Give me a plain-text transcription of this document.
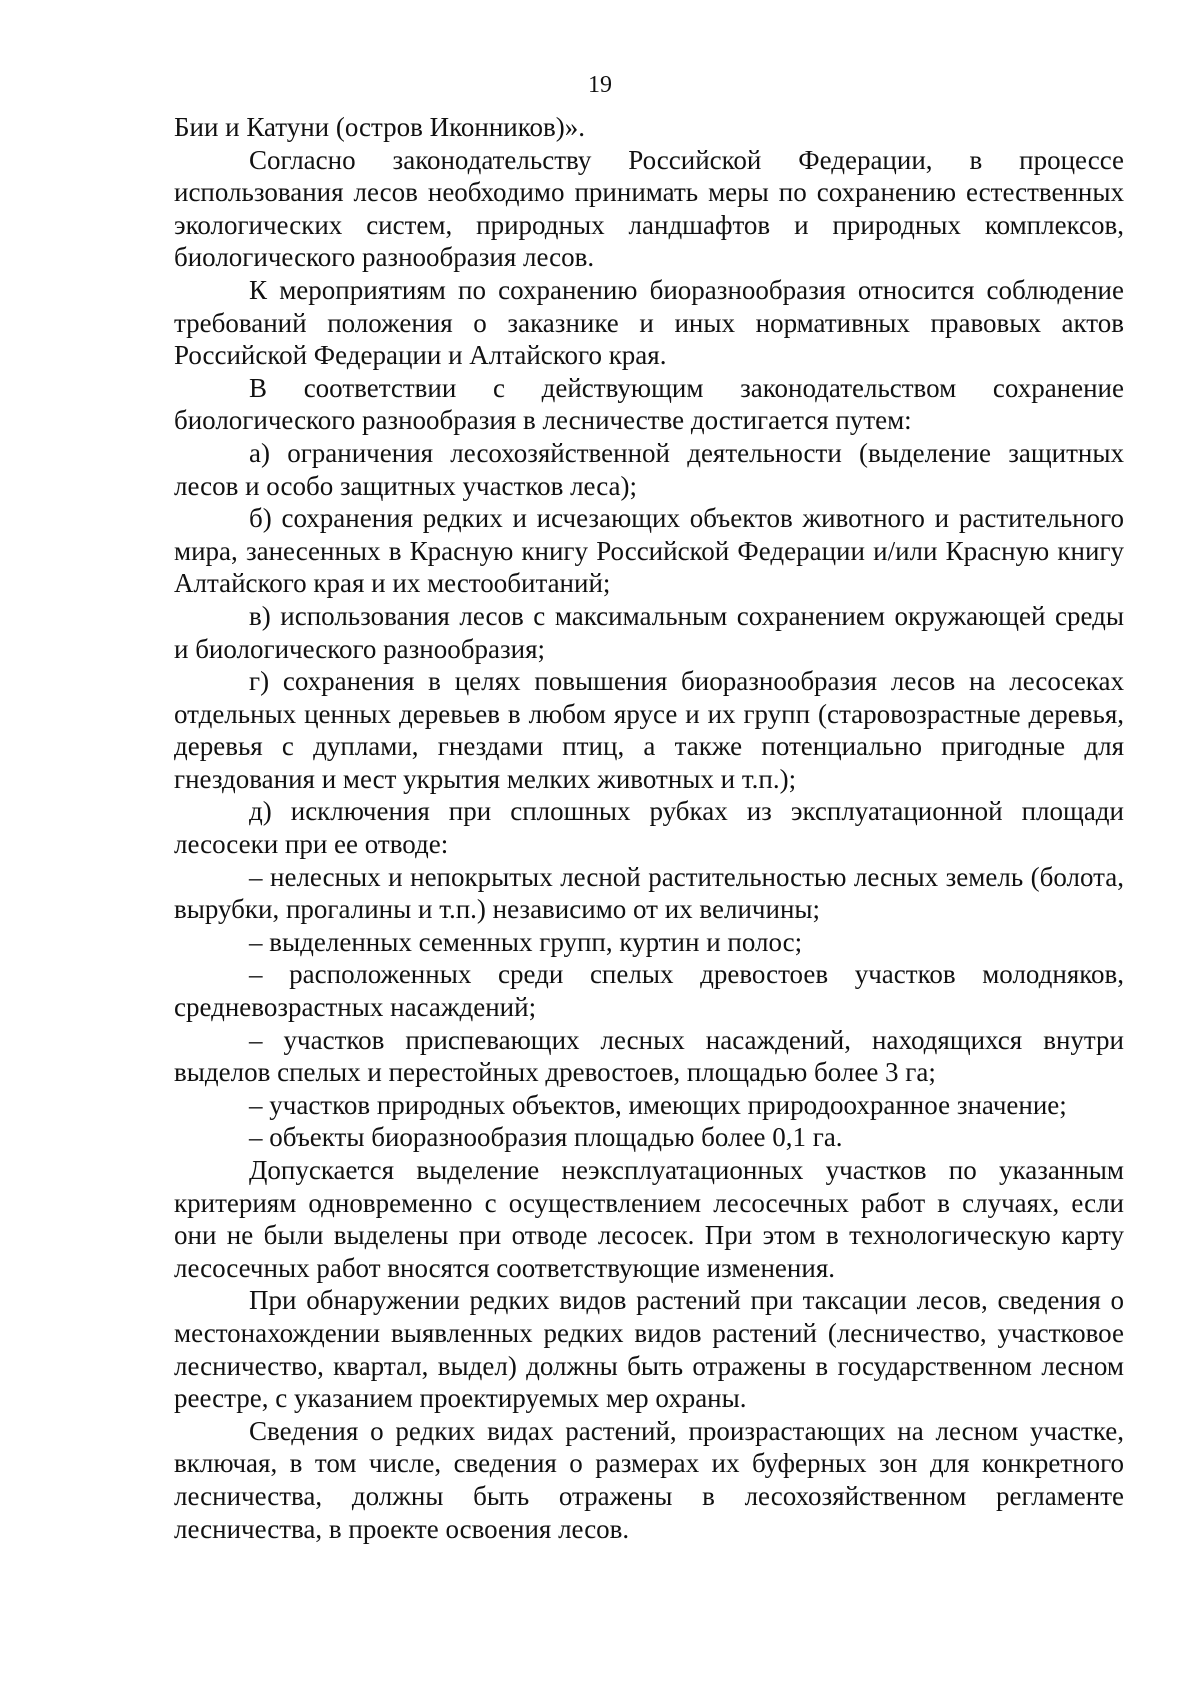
19

Бии и Катуни (остров Иконников)».

Согласно законодательству Российской Федерации, в процессе использования лесов необходимо принимать меры по сохранению естественных экологических систем, природных ландшафтов и природных комплексов, биологического разнообразия лесов.

К мероприятиям по сохранению биоразнообразия относится соблюдение требований положения о заказнике и иных нормативных правовых актов Российской Федерации и Алтайского края.

В соответствии с действующим законодательством сохранение биологического разнообразия в лесничестве достигается путем:

а) ограничения лесохозяйственной деятельности (выделение защитных лесов и особо защитных участков леса);

б) сохранения редких и исчезающих объектов животного и растительного мира, занесенных в Красную книгу Российской Федерации и/или Красную книгу Алтайского края и их местообитаний;

в) использования лесов с максимальным сохранением окружающей среды и биологического разнообразия;

г) сохранения в целях повышения биоразнообразия лесов на лесосеках отдельных ценных деревьев в любом ярусе и их групп (старовозрастные деревья, деревья с дуплами, гнездами птиц, а также потенциально пригодные для гнездования и мест укрытия мелких животных и т.п.);

д) исключения при сплошных рубках из эксплуатационной площади лесосеки при ее отводе:

– нелесных и непокрытых лесной растительностью лесных земель (болота, вырубки, прогалины и т.п.) независимо от их величины;

– выделенных семенных групп, куртин и полос;

– расположенных среди спелых древостоев участков молодняков, средневозрастных насаждений;

– участков приспевающих лесных насаждений, находящихся внутри выделов спелых и перестойных древостоев, площадью более 3 га;

– участков природных объектов, имеющих природоохранное значение;

– объекты биоразнообразия площадью более 0,1 га.

Допускается выделение неэксплуатационных участков по указанным критериям одновременно с осуществлением лесосечных работ в случаях, если они не были выделены при отводе лесосек. При этом в технологическую карту лесосечных работ вносятся соответствующие изменения.

При обнаружении редких видов растений при таксации лесов, сведения о местонахождении выявленных редких видов растений (лесничество, участковое лесничество, квартал, выдел) должны быть отражены в государственном лесном реестре, с указанием проектируемых мер охраны.

Сведения о редких видах растений, произрастающих на лесном участке, включая, в том числе, сведения о размерах их буферных зон для конкретного лесничества, должны быть отражены в лесохозяйственном регламенте лесничества, в проекте освоения лесов.
